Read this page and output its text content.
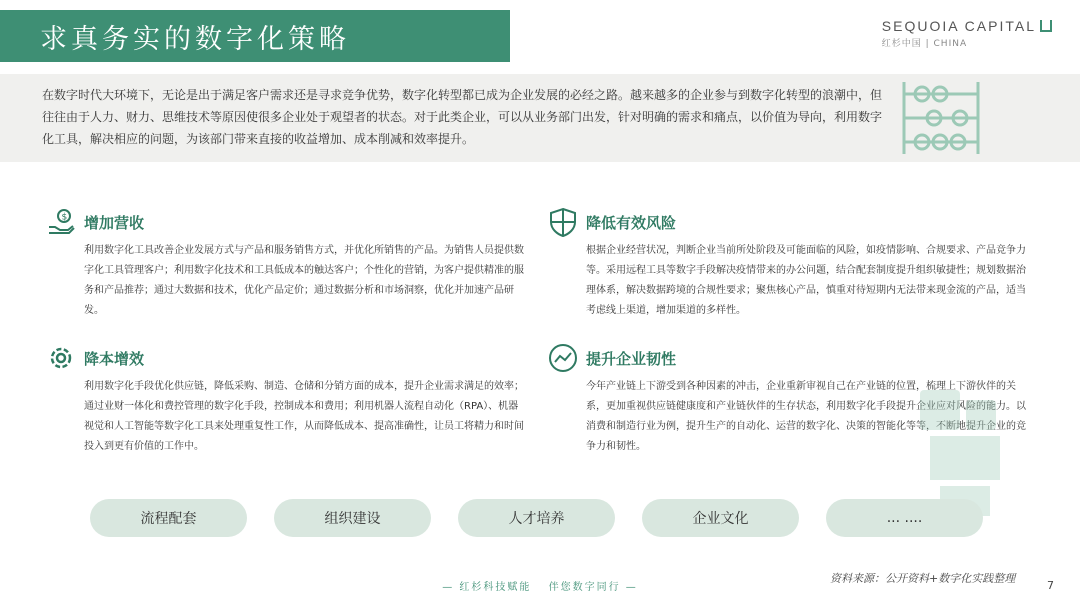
求真务实的数字化策略	SEQUOIA CAPITAL
红杉中国 | CHINA
在数字时代大环境下，无论是出于满足客户需求还是寻求竞争优势，数字化转型都已成为企业发展的必经之路。越来越多的企业参与到数字化转型的浪潮中，但往往由于人力、财力、思维技术等原因使很多企业处于观望者的状态。对于此类企业，可以从业务部门出发，针对明确的需求和痛点，以价值为导向，利用数字化工具，解决相应的问题，为该部门带来直接的收益增加、成本削减和效率提升。
$ 增加营收
利用数字化工具改善企业发展方式与产品和服务销售方式，并优化所销售的产品。为销售人员提供数字化工具管理客户；利用数字化技术和工具低成本的触达客户；个性化的营销，为客户提供精准的服务和产品推荐；通过大数据和技术，优化产品定价；通过数据分析和市场洞察，优化并加速产品研发。
降低有效风险
根据企业经营状况，判断企业当前所处阶段及可能面临的风险，如疫情影响、合规要求、产品竞争力等。采用远程工具等数字手段解决疫情带来的办公问题，结合配套制度提升组织敏捷性；规划数据治理体系，解决数据跨境的合规性要求；聚焦核心产品，慎重对待短期内无法带来现金流的产品，适当考虑线上渠道，增加渠道的多样性。
降本增效
利用数字化手段优化供应链，降低采购、制造、仓储和分销方面的成本，提升企业需求满足的效率；通过业财一体化和费控管理的数字化手段，控制成本和费用；利用机器人流程自动化（RPA）、机器视觉和人工智能等数字化工具来处理重复性工作，从而降低成本、提高准确性，让员工将精力和时间投入到更有价值的工作中。
提升企业韧性
今年产业链上下游受到各种因素的冲击，企业重新审视自己在产业链的位置，梳理上下游伙伴的关系，更加重视供应链健康度和产业链伙伴的生存状态，利用数字化手段提升企业应对风险的能力。以消费和制造行业为例，提升生产的自动化、运营的数字化、决策的智能化等等，不断地提升企业的竞争力和韧性。
流程配套	组织建设	人才培养	企业文化	... ....
资料来源：公开资料+数字化实践整理
— 红杉科技赋能　 伴您数字同行 —	7
